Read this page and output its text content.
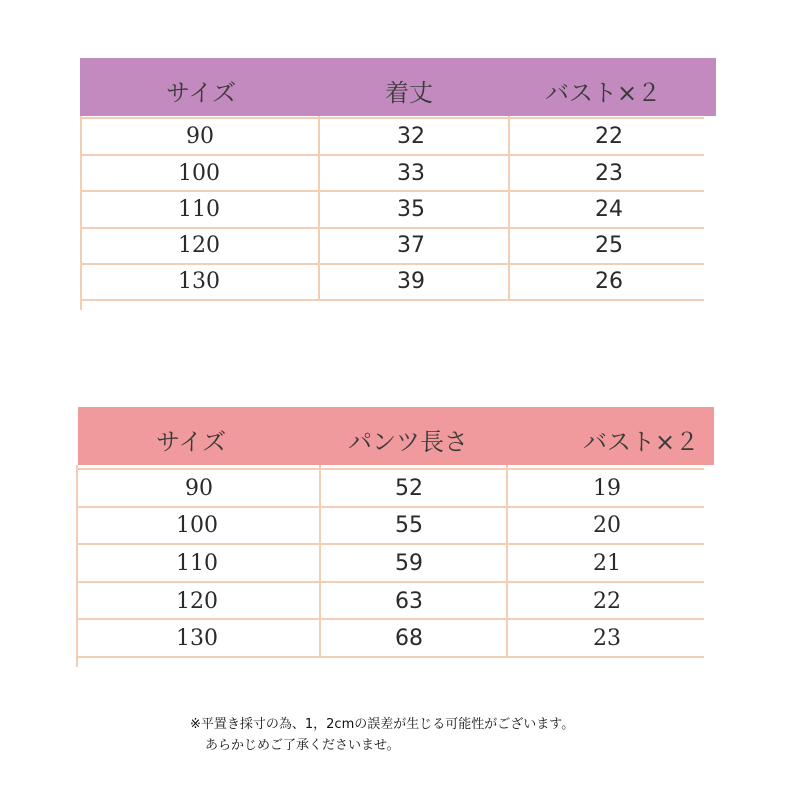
サイズ	着丈	バスト×２
90	32	22
100	33	23
110	35	24
120	37	25
130	39	26
サイズ	パンツ長さ	バスト×２
90	52	19
100	55	20
110	59	21
120	63	22
130	68	23
※平置き採寸の為、1，2cmの誤差が生じる可能性がございます。
あらかじめご了承くださいませ。
